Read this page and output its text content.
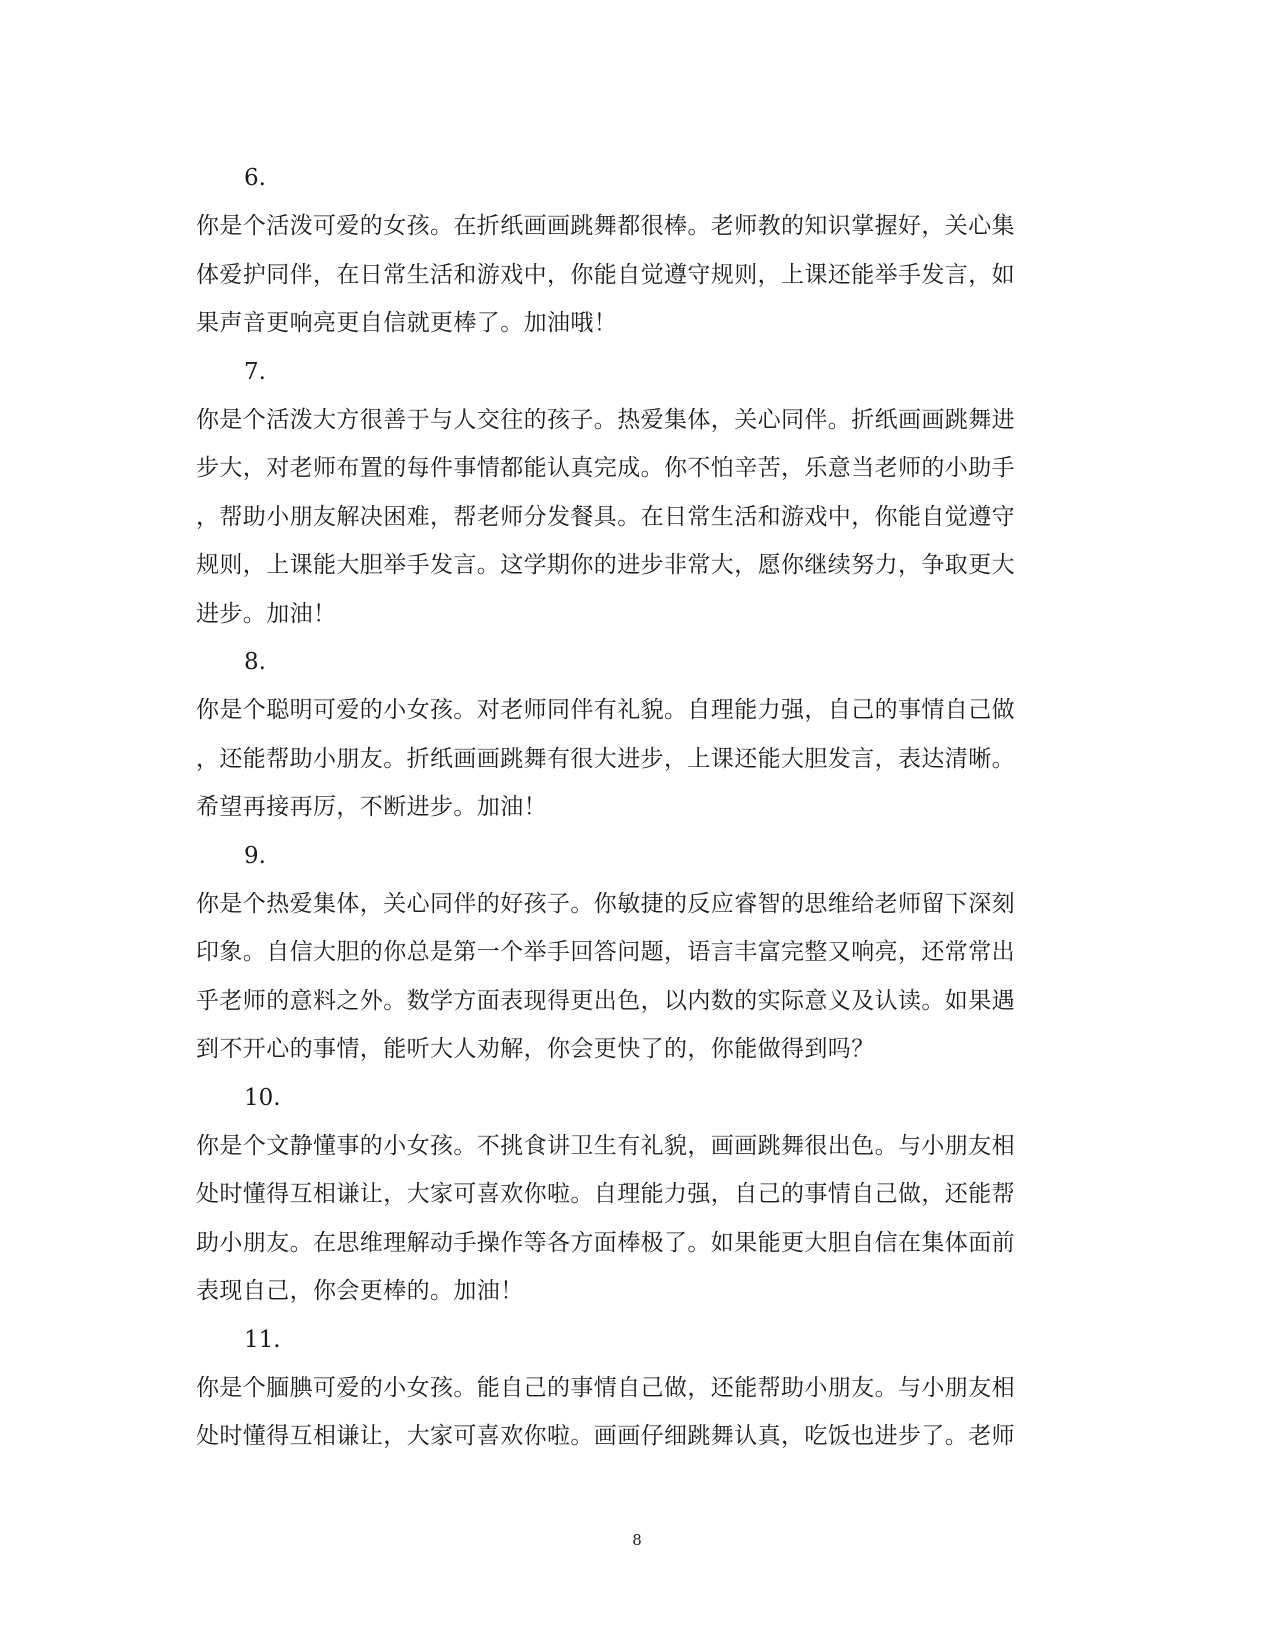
6.

你是个活泼可爱的女孩。在折纸画画跳舞都很棒。老师教的知识掌握好，关心集
体爱护同伴，在日常生活和游戏中，你能自觉遵守规则，上课还能举手发言，如
果声音更响亮更自信就更棒了。加油哦！

7.

你是个活泼大方很善于与人交往的孩子。热爱集体，关心同伴。折纸画画跳舞进
步大，对老师布置的每件事情都能认真完成。你不怕辛苦，乐意当老师的小助手
，帮助小朋友解决困难，帮老师分发餐具。在日常生活和游戏中，你能自觉遵守
规则，上课能大胆举手发言。这学期你的进步非常大，愿你继续努力，争取更大
进步。加油！

8.

你是个聪明可爱的小女孩。对老师同伴有礼貌。自理能力强，自己的事情自己做
，还能帮助小朋友。折纸画画跳舞有很大进步，上课还能大胆发言，表达清晰。
希望再接再厉，不断进步。加油！

9.

你是个热爱集体，关心同伴的好孩子。你敏捷的反应睿智的思维给老师留下深刻
印象。自信大胆的你总是第一个举手回答问题，语言丰富完整又响亮，还常常出
乎老师的意料之外。数学方面表现得更出色，以内数的实际意义及认读。如果遇
到不开心的事情，能听大人劝解，你会更快了的，你能做得到吗？

10.

你是个文静懂事的小女孩。不挑食讲卫生有礼貌，画画跳舞很出色。与小朋友相
处时懂得互相谦让，大家可喜欢你啦。自理能力强，自己的事情自己做，还能帮
助小朋友。在思维理解动手操作等各方面棒极了。如果能更大胆自信在集体面前
表现自己，你会更棒的。加油！

11.

你是个腼腆可爱的小女孩。能自己的事情自己做，还能帮助小朋友。与小朋友相
处时懂得互相谦让，大家可喜欢你啦。画画仔细跳舞认真，吃饭也进步了。老师

8
